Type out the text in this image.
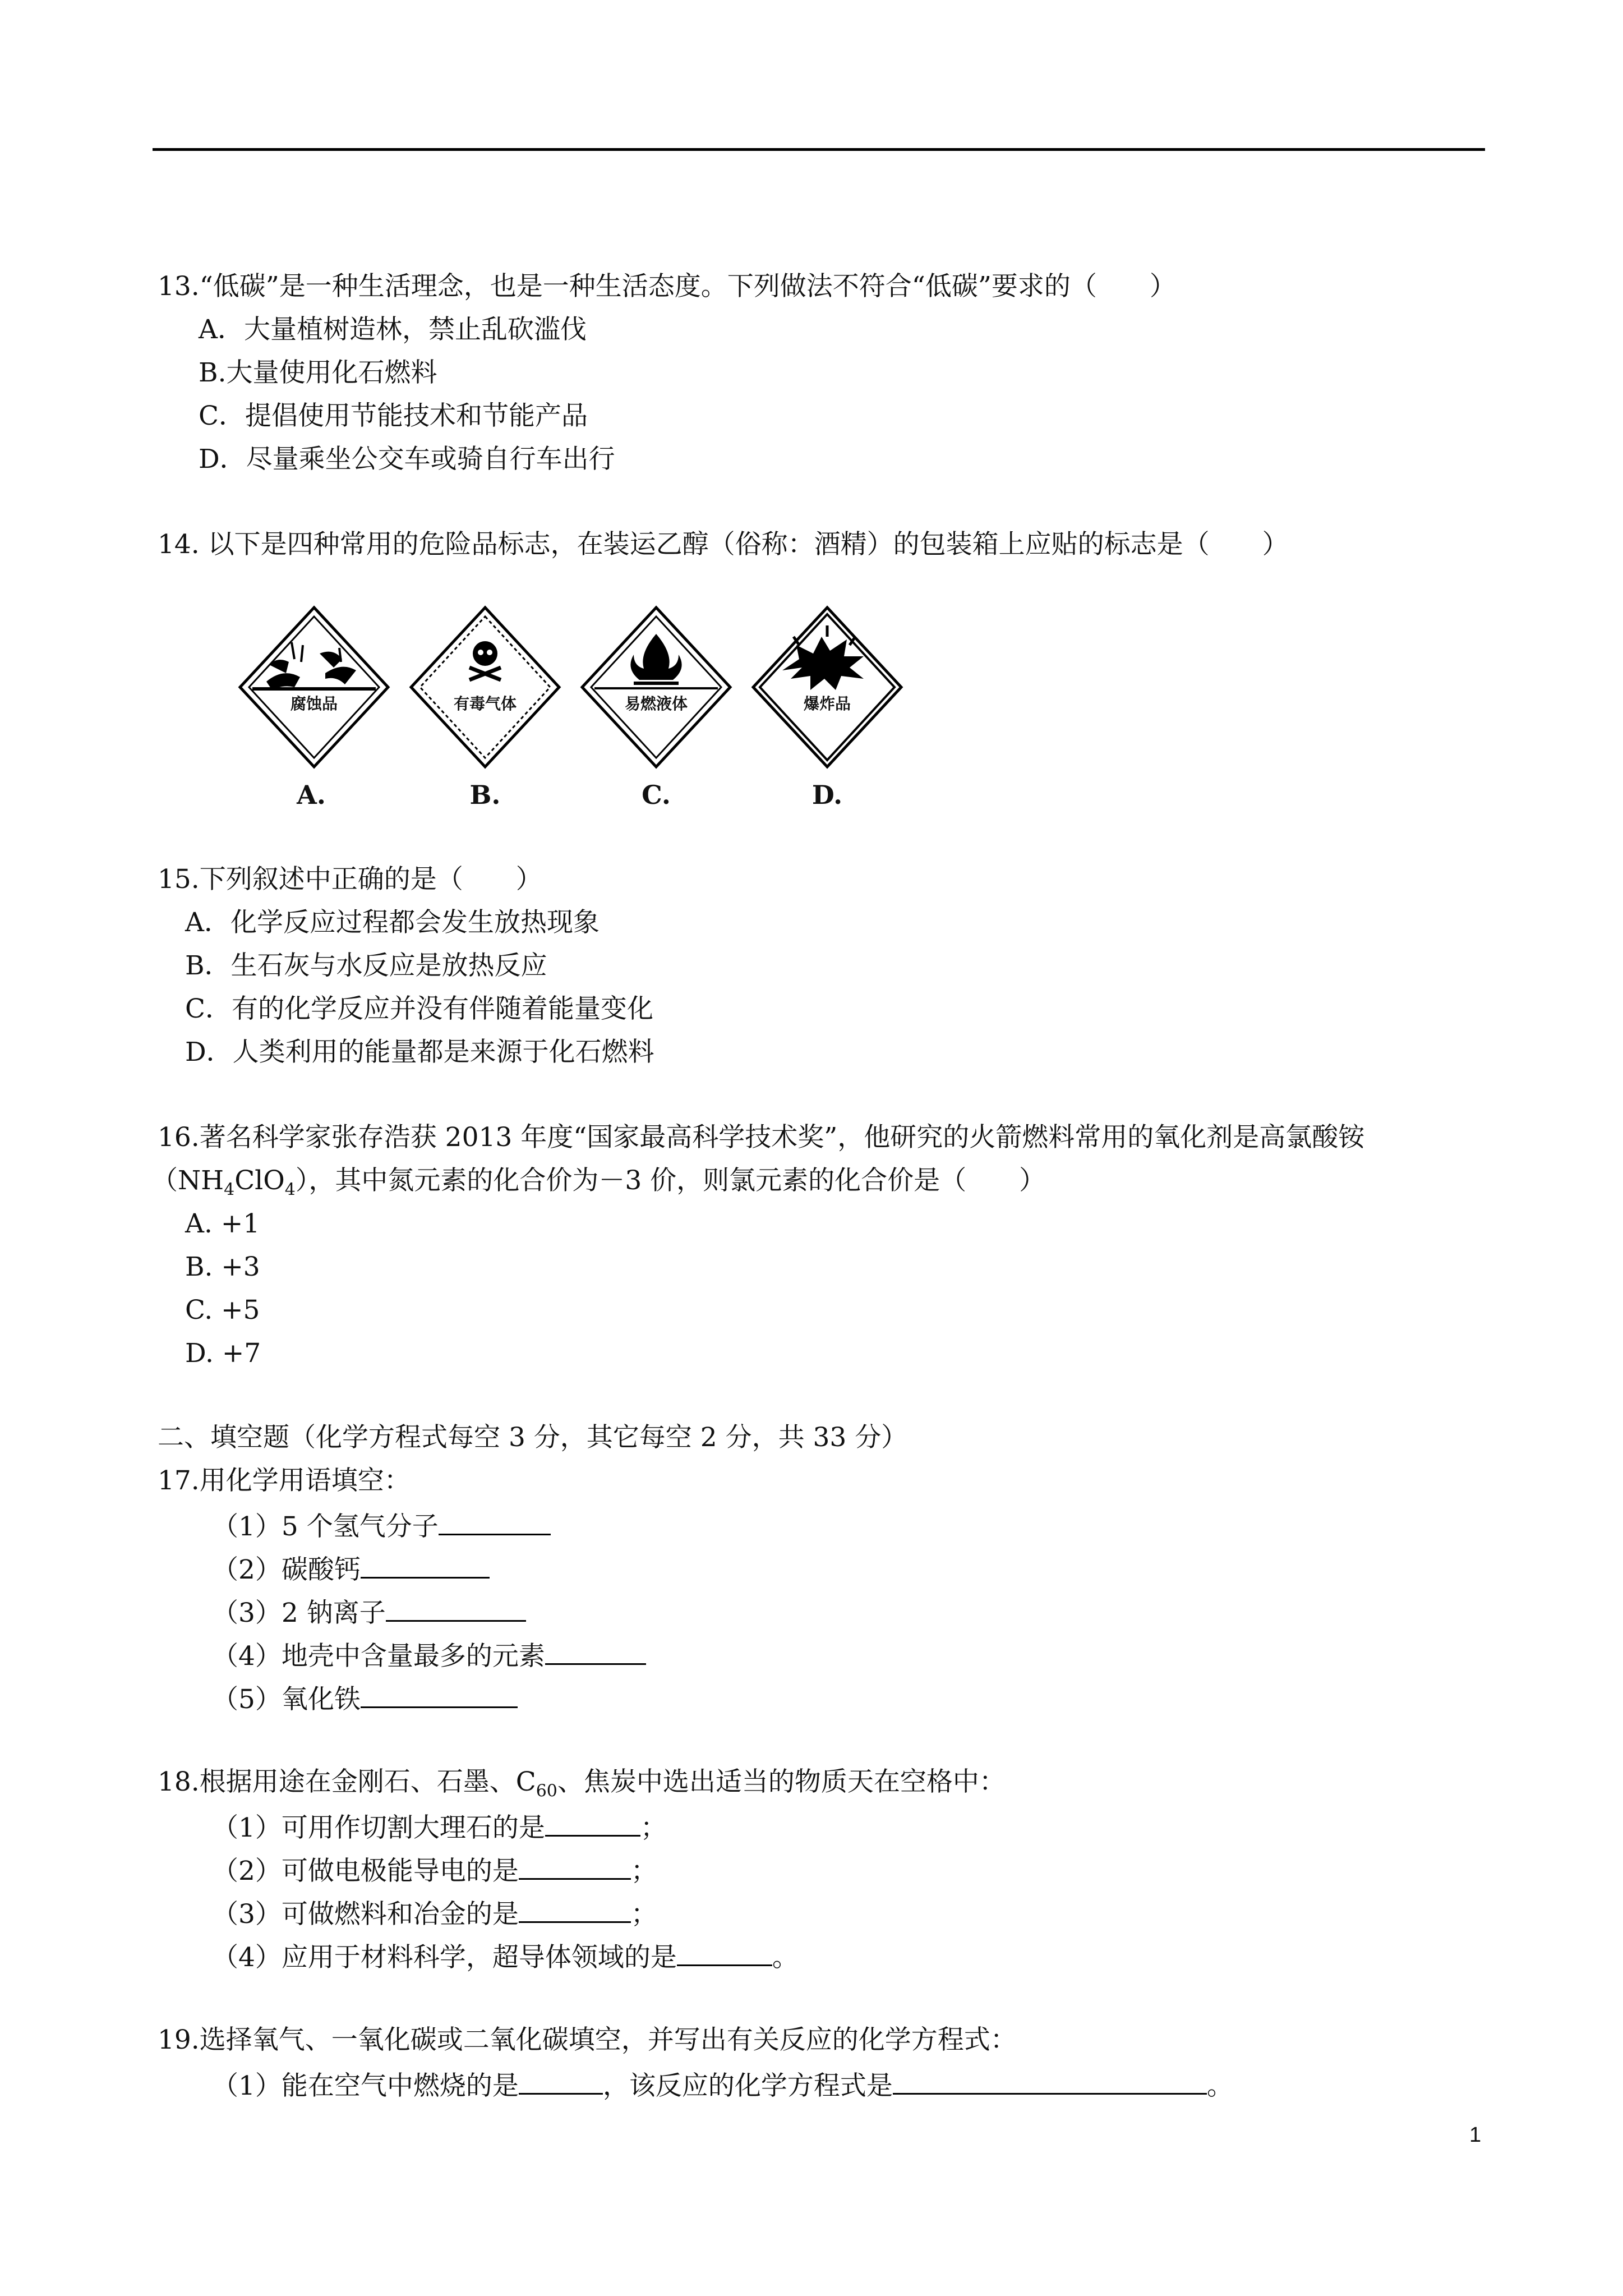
13.“低碳”是一种生活理念，也是一种生活态度。下列做法不符合“低碳”要求的（　　）
A．大量植树造林，禁止乱砍滥伐
B.大量使用化石燃料
C．提倡使用节能技术和节能产品
D．尽量乘坐公交车或骑自行车出行
14. 以下是四种常用的危险品标志，在装运乙醇（俗称：酒精）的包装箱上应贴的标志是（　　）
腐蚀品
A.
有毒气体
B.
易燃液体
C.
爆炸品
D.
15.下列叙述中正确的是（　　）
A．化学反应过程都会发生放热现象
B．生石灰与水反应是放热反应
C．有的化学反应并没有伴随着能量变化
D．人类利用的能量都是来源于化石燃料
16.著名科学家张存浩获 2013 年度“国家最高科学技术奖”，他研究的火箭燃料常用的氧化剂是高氯酸铵
$(NH_4ClO_4)$，其中氮元素的化合价为－3 价，则氯元素的化合价是（　　）
A. +1
B. +3
C. +5
D. +7
二、填空题（化学方程式每空 3 分，其它每空 2 分，共 33 分）
17.用化学用语填空：
（1）5 个氢气分子
（2）碳酸钙
（3）2 钠离子
（4）地壳中含量最多的元素
（5）氧化铁
18.根据用途在金刚石、石墨、$C_{60}$、焦炭中选出适当的物质天在空格中：
（1）可用作切割大理石的是	；
（2）可做电极能导电的是	；
（3）可做燃料和冶金的是	；
（4）应用于材料科学，超导体领域的是	。
19.选择氧气、一氧化碳或二氧化碳填空，并写出有关反应的化学方程式：
（1）能在空气中燃烧的是	，该反应的化学方程式是	。
1
